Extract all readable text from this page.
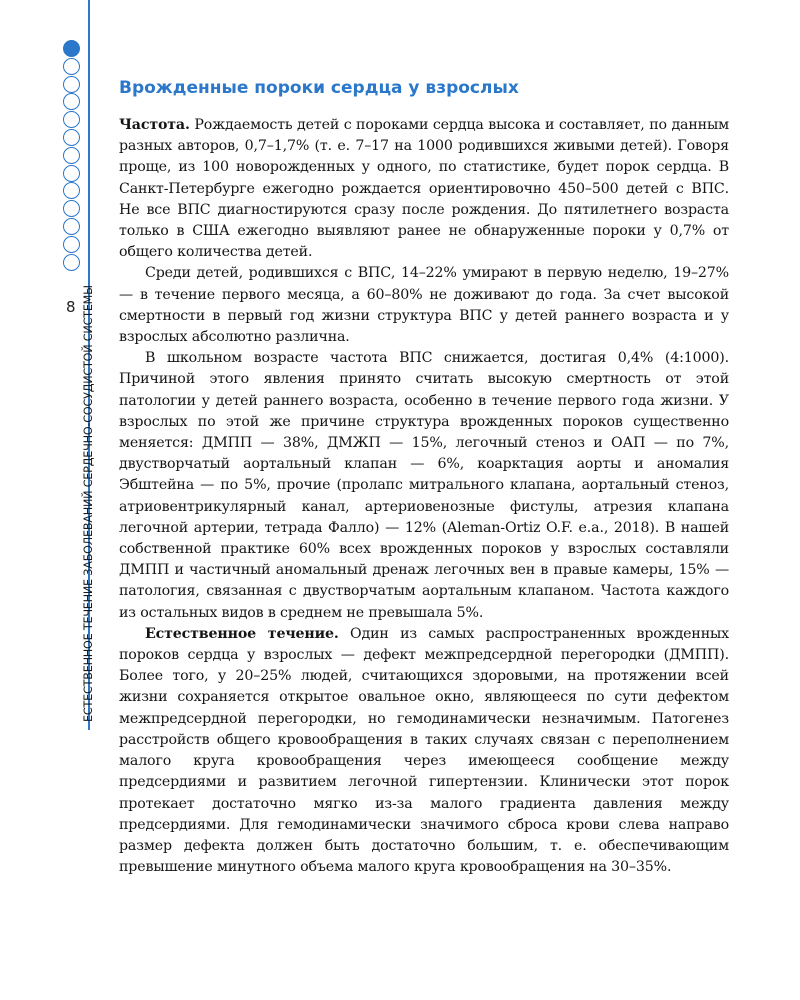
8 ЕСТЕСТВЕННОЕ ТЕЧЕНИЕ ЗАБОЛЕВАНИЙ СЕРДЕЧНО-СОСУДИСТОЙ СИСТЕМЫ
Врожденные пороки сердца у взрослых

Частота. Рождаемость детей с пороками сердца высока и составляет, по данным разных авторов, 0,7–1,7% (т. е. 7–17 на 1000 родившихся живыми детей). Говоря проще, из 100 новорожденных у одного, по статистике, будет порок сердца. В Санкт-Петербурге ежегодно рождается ориентировочно 450–500 детей с ВПС. Не все ВПС диагностируются сразу после рождения. До пятилетнего возраста только в США ежегодно выявляют ранее не обнаруженные пороки у 0,7% от общего количества детей.

Среди детей, родившихся с ВПС, 14–22% умирают в первую неделю, 19–27% — в течение первого месяца, а 60–80% не доживают до года. За счет высокой смертности в первый год жизни структура ВПС у детей раннего возраста и у взрослых абсолютно различна.

В школьном возрасте частота ВПС снижается, достигая 0,4% (4:1000). Причиной этого явления принято считать высокую смертность от этой патологии у детей раннего возраста, особенно в течение первого года жизни. У взрослых по этой же причине структура врожденных пороков существенно меняется: ДМПП — 38%, ДМЖП — 15%, легочный стеноз и ОАП — по 7%, двустворчатый аортальный клапан — 6%, коарктация аорты и аномалия Эбштейна — по 5%, прочие (пролапс митрального клапана, аортальный стеноз, атриовентрикулярный канал, артериовенозные фистулы, атрезия клапана легочной артерии, тетрада Фалло) — 12% (Aleman-Ortiz O.F. e.a., 2018). В нашей собственной практике 60% всех врожденных пороков у взрослых составляли ДМПП и частичный аномальный дренаж легочных вен в правые камеры, 15% — патология, связанная с двустворчатым аортальным клапаном. Частота каждого из остальных видов в среднем не превышала 5%.

Естественное течение. Один из самых распространенных врожденных пороков сердца у взрослых — дефект межпредсердной перегородки (ДМПП). Более того, у 20–25% людей, считающихся здоровыми, на протяжении всей жизни сохраняется открытое овальное окно, являющееся по сути дефектом межпредсердной перегородки, но гемодинамически незначимым. Патогенез расстройств общего кровообращения в таких случаях связан с переполнением малого круга кровообращения через имеющееся сообщение между предсердиями и развитием легочной гипертензии. Клинически этот порок протекает достаточно мягко из-за малого градиента давления между предсердиями. Для гемодинамически значимого сброса крови слева направо размер дефекта должен быть достаточно большим, т. е. обеспечивающим превышение минутного объема малого круга кровообращения на 30–35%.
